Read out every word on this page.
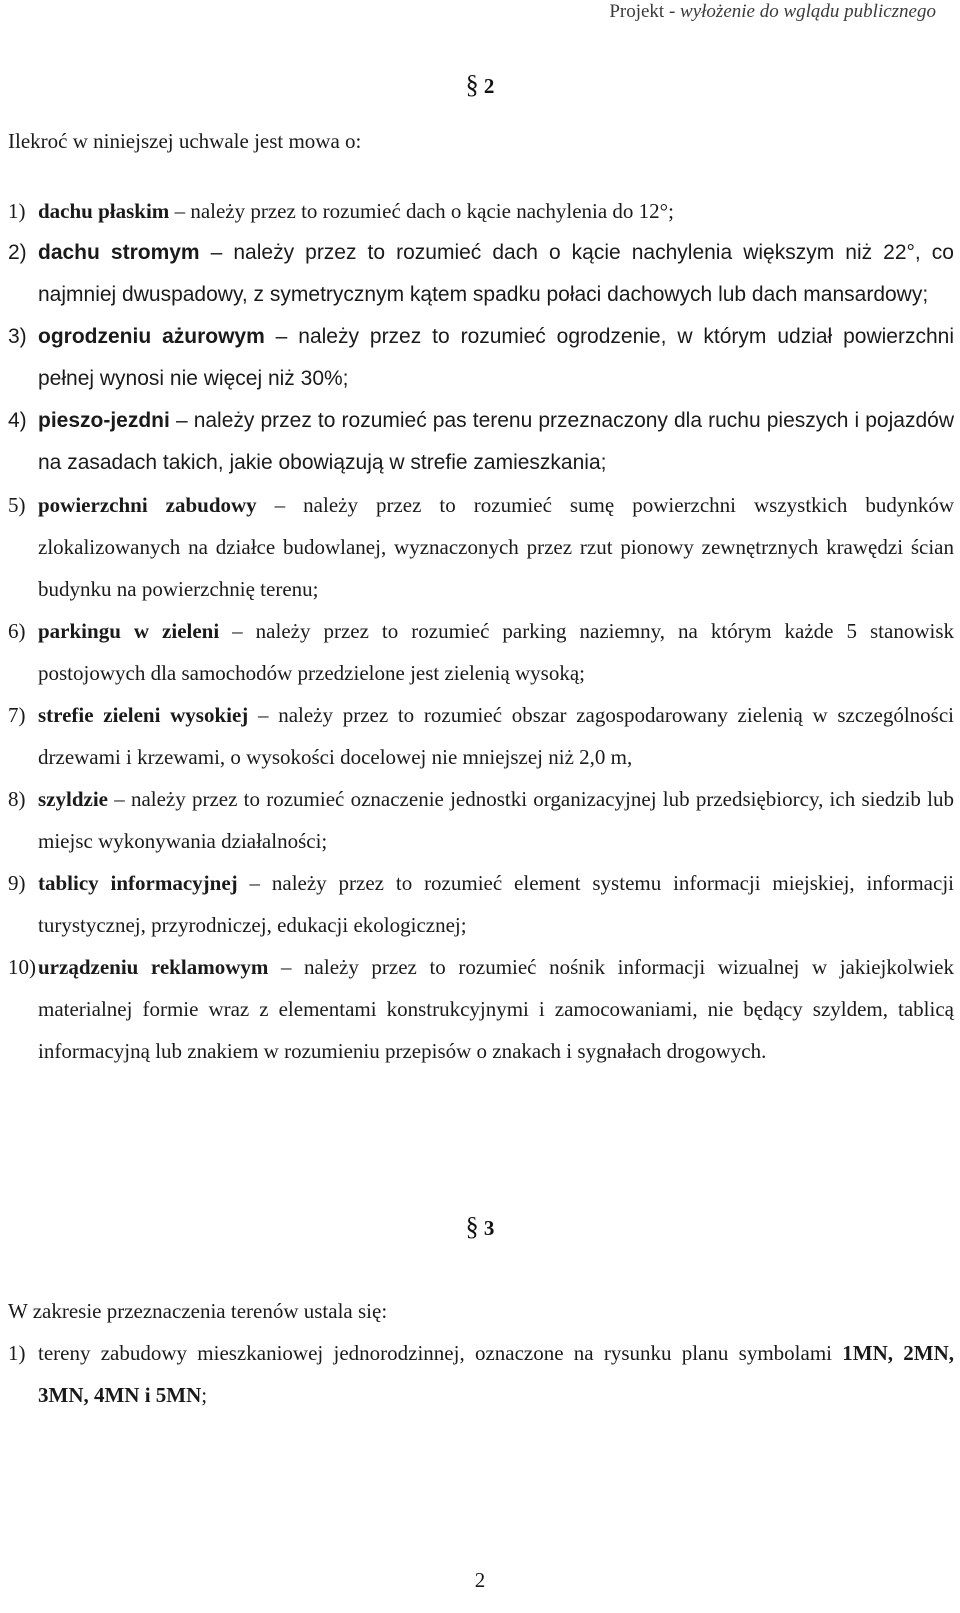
Projekt - wyłożenie do wglądu publicznego
§ 2
Ilekroć w niniejszej uchwale jest mowa o:
1) dachu płaskim – należy przez to rozumieć dach o kącie nachylenia do 12°;
2) dachu stromym – należy przez to rozumieć dach o kącie nachylenia większym niż 22°, co najmniej dwuspadowy, z symetrycznym kątem spadku połaci dachowych lub dach mansardowy;
3) ogrodzeniu ażurowym – należy przez to rozumieć ogrodzenie, w którym udział powierzchni pełnej wynosi nie więcej niż 30%;
4) pieszo-jezdni – należy przez to rozumieć pas terenu przeznaczony dla ruchu pieszych i pojazdów na zasadach takich, jakie obowiązują w strefie zamieszkania;
5) powierzchni zabudowy – należy przez to rozumieć sumę powierzchni wszystkich budynków zlokalizowanych na działce budowlanej, wyznaczonych przez rzut pionowy zewnętrznych krawędzi ścian budynku na powierzchnię terenu;
6) parkingu w zieleni – należy przez to rozumieć parking naziemny, na którym każde 5 stanowisk postojowych dla samochodów przedzielone jest zielenią wysoką;
7) strefie zieleni wysokiej – należy przez to rozumieć obszar zagospodarowany zielenią w szczególności drzewami i krzewami, o wysokości docelowej nie mniejszej niż 2,0 m,
8) szyldzie – należy przez to rozumieć oznaczenie jednostki organizacyjnej lub przedsiębiorcy, ich siedzib lub miejsc wykonywania działalności;
9) tablicy informacyjnej – należy przez to rozumieć element systemu informacji miejskiej, informacji turystycznej, przyrodniczej, edukacji ekologicznej;
10) urządzeniu reklamowym – należy przez to rozumieć nośnik informacji wizualnej w jakiejkolwiek materialnej formie wraz z elementami konstrukcyjnymi i zamocowaniami, nie będący szyldem, tablicą informacyjną lub znakiem w rozumieniu przepisów o znakach i sygnałach drogowych.
§ 3
W zakresie przeznaczenia terenów ustala się:
1) tereny zabudowy mieszkaniowej jednorodzinnej, oznaczone na rysunku planu symbolami 1MN, 2MN, 3MN, 4MN i 5MN;
2
